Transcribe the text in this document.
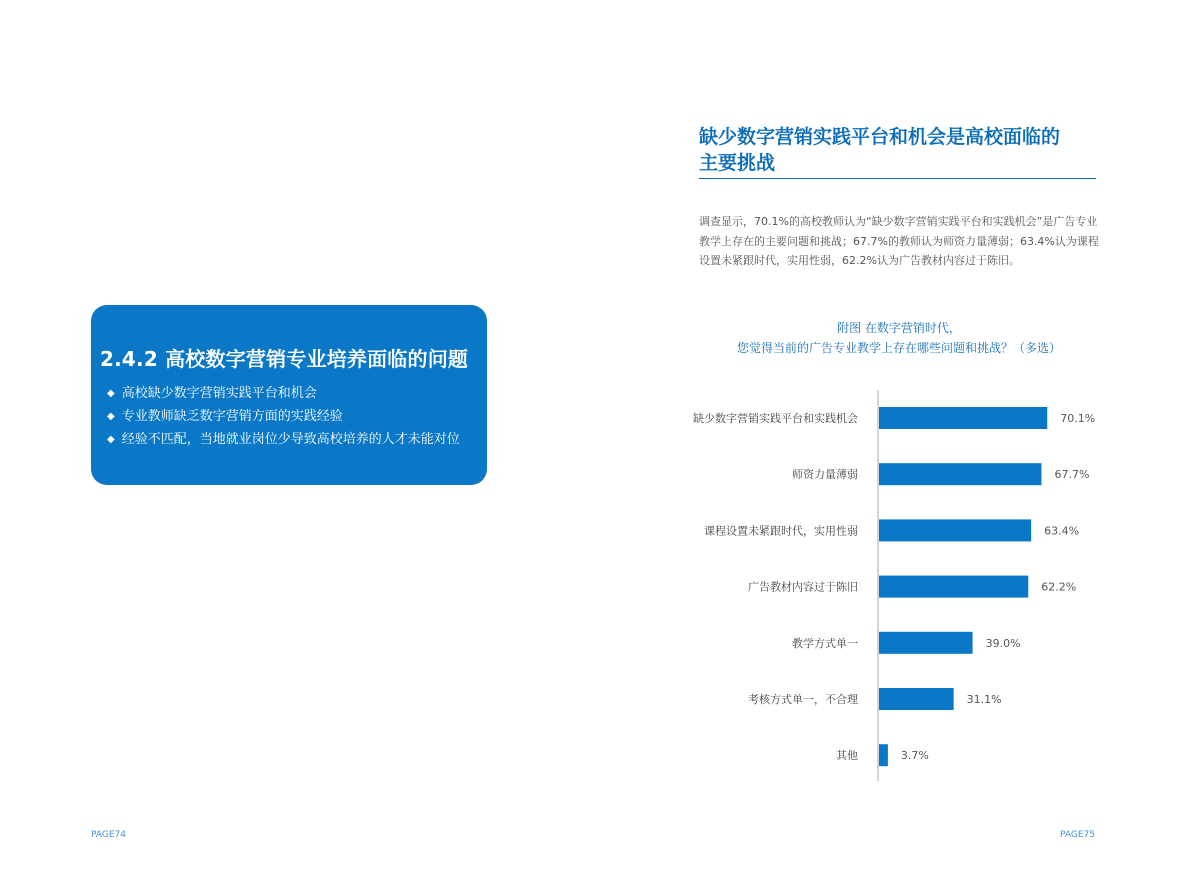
2.4.2 高校数字营销专业培养面临的问题
◆ 高校缺少数字营销实践平台和机会
◆ 专业教师缺乏数字营销方面的实践经验
◆ 经验不匹配，当地就业岗位少导致高校培养的人才未能对位
PAGE74
缺少数字营销实践平台和机会是高校面临的
主要挑战
调查显示，70.1%的高校教师认为“缺少数字营销实践平台和实践机会”是广告专业教学上存在的主要问题和挑战；67.7%的教师认为师资力量薄弱；63.4%认为课程设置未紧跟时代，实用性弱，62.2%认为广告教材内容过于陈旧。
附图 在数字营销时代，
您觉得当前的广告专业教学上存在哪些问题和挑战？（多选）
缺少数字营销实践平台和实践机会	70.1%
师资力量薄弱	67.7%
课程设置未紧跟时代，实用性弱	63.4%
广告教材内容过于陈旧	62.2%
教学方式单一	39.0%
考核方式单一，不合理	31.1%
其他	3.7%
PAGE75
